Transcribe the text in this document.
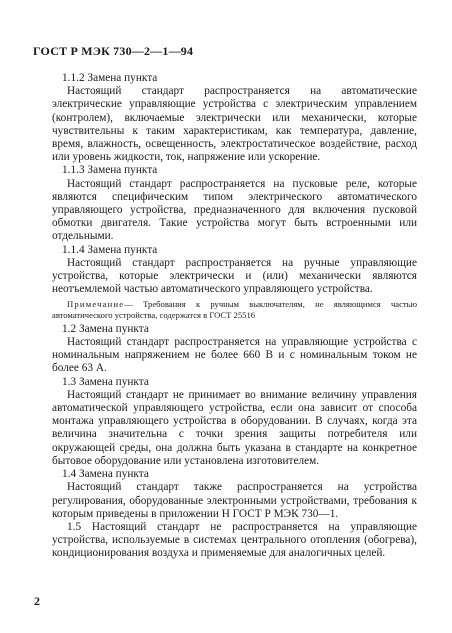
ГОСТ Р МЭК 730—2—1—94

1.1.2 Замена пункта

Настоящий стандарт распространяется на автоматические электрические управляющие устройства с электрическим управлением (контролем), включаемые электрически или механически, которые чувствительны к таким характеристикам, как температура, давление, время, влажность, освещенность, электростатическое воздействие, расход или уровень жидкости, ток, напряжение или ускорение.

1.1.3 Замена пункта

Настоящий стандарт распространяется на пусковые реле, которые являются специфическим типом электрического автоматического управляющего устройства, предназначенного для включения пусковой обмотки двигателя. Такие устройства могут быть встроенными или отдельными.

1.1.4 Замена пункта

Настоящий стандарт распространяется на ручные управляющие устройства, которые электрически и (или) механически являются неотъемлемой частью автоматического управляющего устройства.

Примечание— Требования к ручным выключателям, не являющимся частью автоматического устройства, содержатся в ГОСТ 25516

1.2 Замена пункта

Настоящий стандарт распространяется на управляющие устройства с номинальным напряжением не более 660 В и с номинальным током не более 63 А.

1.3 Замена пункта

Настоящий стандарт не принимает во внимание величину управления автоматической управляющего устройства, если она зависит от способа монтажа управляющего устройства в оборудовании. В случаях, когда эта величина значительна с точки зрения защиты потребителя или окружающей среды, она должна быть указана в стандарте на конкретное бытовое оборудование или установлена изготовителем.

1.4 Замена пункта

Настоящий стандарт также распространяется на устройства регулирования, оборудованные электронными устройствами, требования к которым приведены в приложении Н ГОСТ Р МЭК 730—1.

1.5 Настоящий стандарт не распространяется на управляющие устройства, используемые в системах центрального отопления (обогрева), кондиционирования воздуха и применяемые для аналогичных целей.

2
